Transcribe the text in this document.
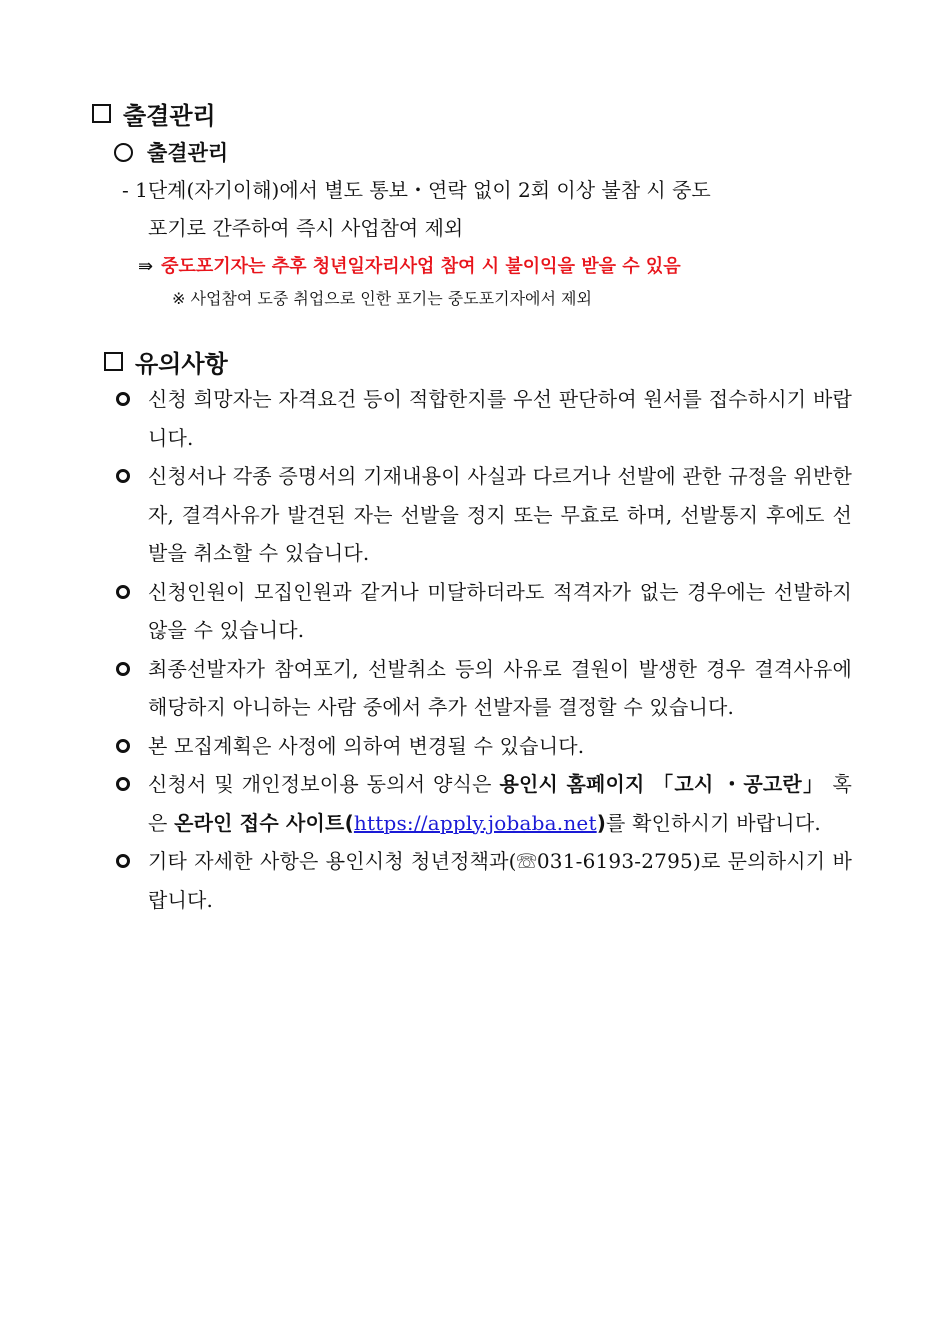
출결관리
출결관리
- 1단계(자기이해)에서 별도 통보・연락 없이 2회 이상 불참 시 중도
포기로 간주하여 즉시 사업참여 제외
⇛ 중도포기자는 추후 청년일자리사업 참여 시 불이익을 받을 수 있음
※ 사업참여 도중 취업으로 인한 포기는 중도포기자에서 제외
유의사항
신청 희망자는 자격요건 등이 적합한지를 우선 판단하여 원서를 접수하시기 바랍니다.
신청서나 각종 증명서의 기재내용이 사실과 다르거나 선발에 관한 규정을 위반한 자, 결격사유가 발견된 자는 선발을 정지 또는 무효로 하며, 선발통지 후에도 선발을 취소할 수 있습니다.
신청인원이 모집인원과 같거나 미달하더라도 적격자가 없는 경우에는 선발하지 않을 수 있습니다.
최종선발자가 참여포기, 선발취소 등의 사유로 결원이 발생한 경우 결격사유에 해당하지 아니하는 사람 중에서 추가 선발자를 결정할 수 있습니다.
본 모집계획은 사정에 의하여 변경될 수 있습니다.
신청서 및 개인정보이용 동의서 양식은 용인시 홈페이지 「고시 ・공고란」 혹은 온라인 접수 사이트(https://apply.jobaba.net)를 확인하시기 바랍니다.
기타 자세한 사항은 용인시청 청년정책과(☏031-6193-2795)로 문의하시기 바랍니다.
